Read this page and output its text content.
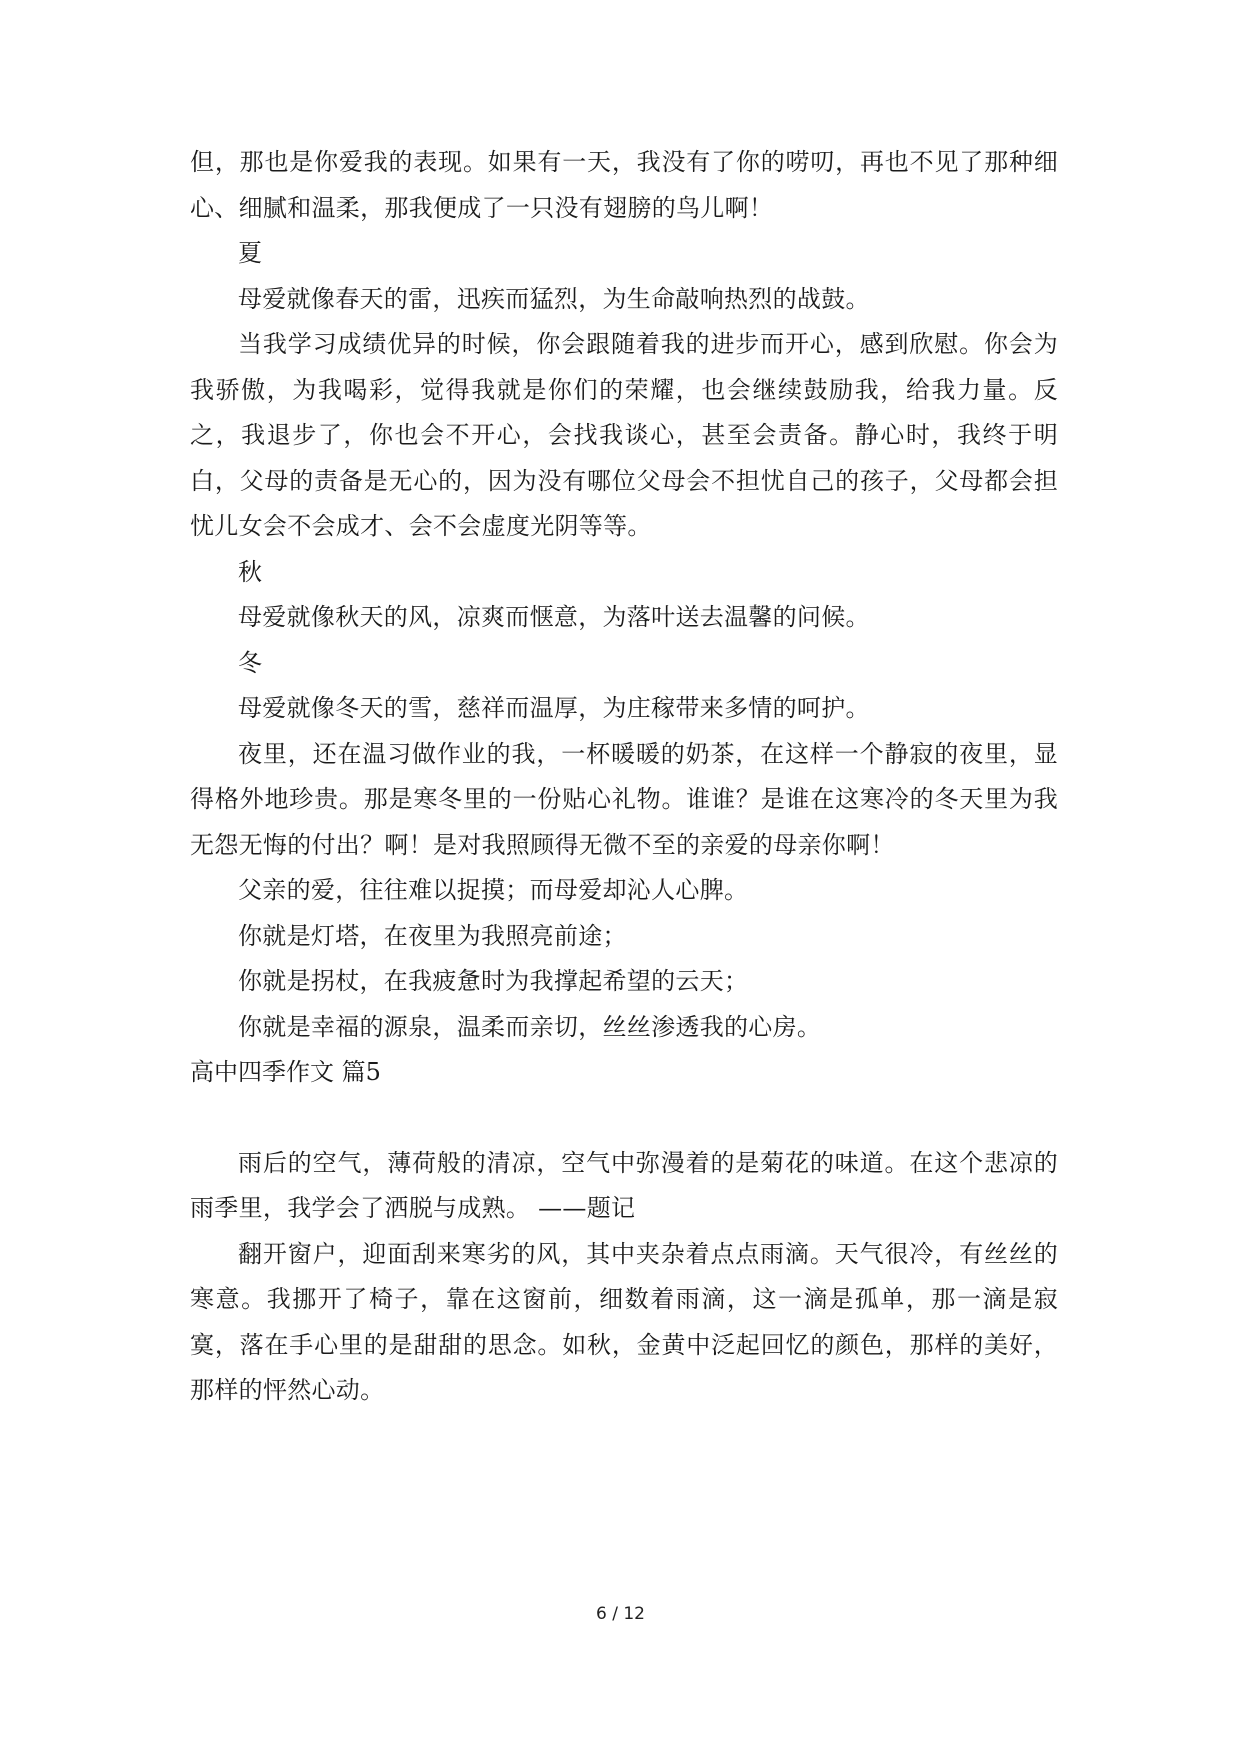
但，那也是你爱我的表现。如果有一天，我没有了你的唠叨，再也不见了那种细心、细腻和温柔，那我便成了一只没有翅膀的鸟儿啊！

夏

母爱就像春天的雷，迅疾而猛烈，为生命敲响热烈的战鼓。

当我学习成绩优异的时候，你会跟随着我的进步而开心，感到欣慰。你会为我骄傲，为我喝彩，觉得我就是你们的荣耀，也会继续鼓励我，给我力量。反之，我退步了，你也会不开心，会找我谈心，甚至会责备。静心时，我终于明白，父母的责备是无心的，因为没有哪位父母会不担忧自己的孩子，父母都会担忧儿女会不会成才、会不会虚度光阴等等。

秋

母爱就像秋天的风，凉爽而惬意，为落叶送去温馨的问候。

冬

母爱就像冬天的雪，慈祥而温厚，为庄稼带来多情的呵护。

夜里，还在温习做作业的我，一杯暖暖的奶茶，在这样一个静寂的夜里，显得格外地珍贵。那是寒冬里的一份贴心礼物。谁谁？是谁在这寒冷的冬天里为我无怨无悔的付出？啊！是对我照顾得无微不至的亲爱的母亲你啊！

父亲的爱，往往难以捉摸；而母爱却沁人心脾。

你就是灯塔，在夜里为我照亮前途；

你就是拐杖，在我疲惫时为我撑起希望的云天；

你就是幸福的源泉，温柔而亲切，丝丝渗透我的心房。

高中四季作文 篇5

雨后的空气，薄荷般的清凉，空气中弥漫着的是菊花的味道。在这个悲凉的雨季里，我学会了洒脱与成熟。 ——题记

翻开窗户，迎面刮来寒劣的风，其中夹杂着点点雨滴。天气很冷，有丝丝的寒意。我挪开了椅子，靠在这窗前，细数着雨滴，这一滴是孤单，那一滴是寂寞，落在手心里的是甜甜的思念。如秋，金黄中泛起回忆的颜色，那样的美好，那样的怦然心动。

6 / 12
